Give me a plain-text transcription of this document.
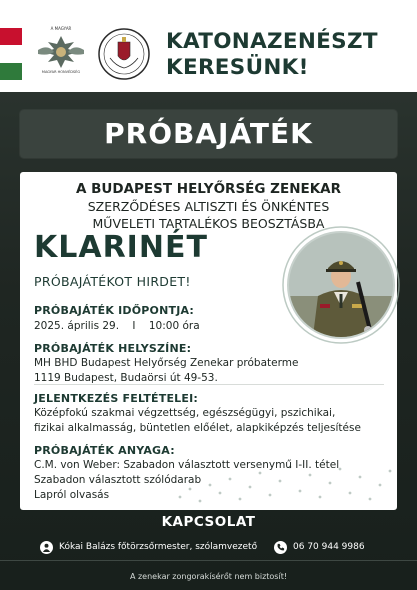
A MAGYAR
MAGYAR HONVÉDSÉG
KATONAZENÉSZT
KERESÜNK!
PRÓBAJÁTÉK
A BUDAPEST HELYŐRSÉG ZENEKAR
SZERZŐDÉSES ALTISZTI ÉS ÖNKÉNTES
MŰVELETI TARTALÉKOS BEOSZTÁSBA
KLARINÉT
PRÓBAJÁTÉKOT HIRDET!
PRÓBAJÁTÉK IDŐPONTJA:
2025. április 29. I 10:00 óra
PRÓBAJÁTÉK HELYSZÍNE:
MH BHD Budapest Helyőrség Zenekar próbaterme
1119 Budapest, Budaörsi út 49-53.
JELENTKEZÉS FELTÉTELEI:
Középfokú szakmai végzettség, egészségügyi, pszichikai,
fizikai alkalmasság, büntetlen előélet, alapkiképzés teljesítése
PRÓBAJÁTÉK ANYAGA:
C.M. von Weber: Szabadon választott versenymű I-II. tétel
Szabadon választott szólódarab
Lapról olvasás
KAPCSOLAT
Kókai Balázs főtörzsőrmester, szólamvezető	06 70 944 9986
A zenekar zongorakísérőt nem biztosít!
